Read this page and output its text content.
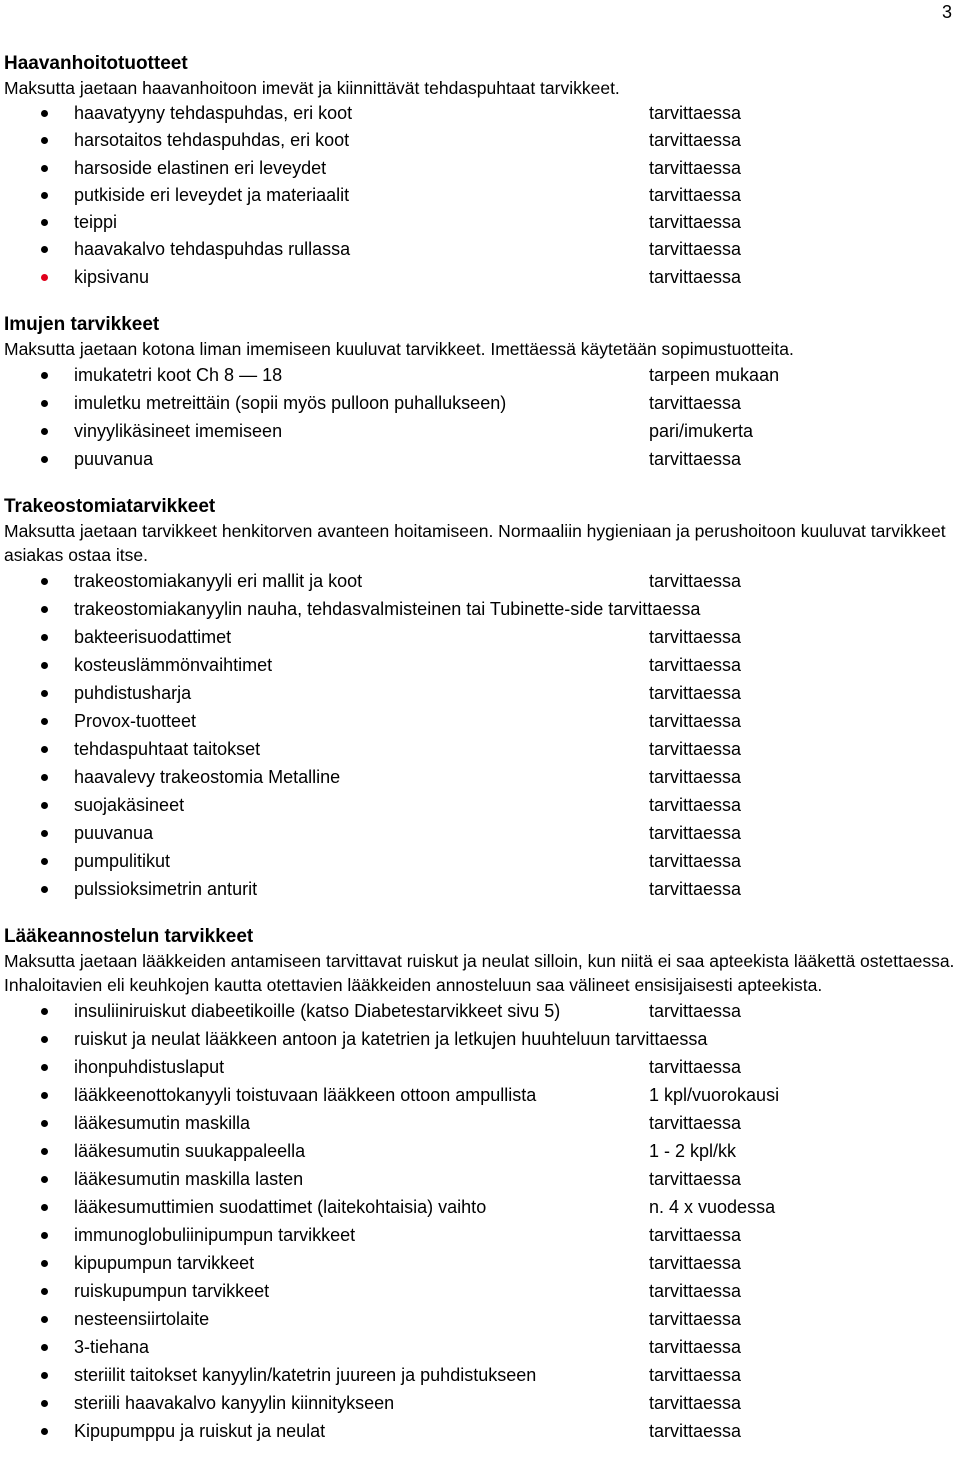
3
Haavanhoitotuotteet

Maksutta jaetaan haavanhoitoon imevät ja kiinnittävät tehdaspuhtaat tarvikkeet.

haavatyyny tehdaspuhdas, eri koot	tarvittaessa
harsotaitos tehdaspuhdas, eri koot	tarvittaessa
harsoside elastinen eri leveydet	tarvittaessa
putkiside eri leveydet ja materiaalit	tarvittaessa
teippi	tarvittaessa
haavakalvo tehdaspuhdas rullassa	tarvittaessa
kipsivanu	tarvittaessa
Imujen tarvikkeet

Maksutta jaetaan kotona liman imemiseen kuuluvat tarvikkeet. Imettäessä käytetään sopimustuotteita.

imukatetri koot Ch 8 — 18	tarpeen mukaan
imuletku metreittäin (sopii myös pulloon puhallukseen)	tarvittaessa
vinyylikäsineet imemiseen	pari/imukerta
puuvanua	tarvittaessa
Trakeostomiatarvikkeet

Maksutta jaetaan tarvikkeet henkitorven avanteen hoitamiseen. Normaaliin hygieniaan ja perushoitoon kuuluvat tarvikkeet asiakas ostaa itse.

trakeostomiakanyyli eri mallit ja koot	tarvittaessa
trakeostomiakanyylin nauha, tehdasvalmisteinen tai Tubinette-side tarvittaessa
bakteerisuodattimet	tarvittaessa
kosteuslämmönvaihtimet	tarvittaessa
puhdistusharja	tarvittaessa
Provox-tuotteet	tarvittaessa
tehdaspuhtaat taitokset	tarvittaessa
haavalevy trakeostomia Metalline	tarvittaessa
suojakäsineet	tarvittaessa
puuvanua	tarvittaessa
pumpulitikut	tarvittaessa
pulssioksimetrin anturit	tarvittaessa
Lääkeannostelun tarvikkeet

Maksutta jaetaan lääkkeiden antamiseen tarvittavat ruiskut ja neulat silloin, kun niitä ei saa apteekista lääkettä ostettaessa. Inhaloitavien eli keuhkojen kautta otettavien lääkkeiden annosteluun saa välineet ensisijaisesti apteekista.

insuliiniruiskut diabeetikoille (katso Diabetestarvikkeet sivu 5)	tarvittaessa
ruiskut ja neulat lääkkeen antoon ja katetrien ja letkujen huuhteluun tarvittaessa
ihonpuhdistuslaput	tarvittaessa
lääkkeenottokanyyli toistuvaan lääkkeen ottoon ampullista	1 kpl/vuorokausi
lääkesumutin maskilla	tarvittaessa
lääkesumutin suukappaleella	1 - 2 kpl/kk
lääkesumutin maskilla lasten	tarvittaessa
lääkesumuttimien suodattimet (laitekohtaisia) vaihto	n. 4 x vuodessa
immunoglobuliinipumpun tarvikkeet	tarvittaessa
kipupumpun tarvikkeet	tarvittaessa
ruiskupumpun tarvikkeet	tarvittaessa
nesteensiirtolaite	tarvittaessa
3-tiehana	tarvittaessa
steriilit taitokset kanyylin/katetrin juureen ja puhdistukseen	tarvittaessa
steriili haavakalvo kanyylin kiinnitykseen	tarvittaessa
Kipupumppu ja ruiskut ja neulat	tarvittaessa
